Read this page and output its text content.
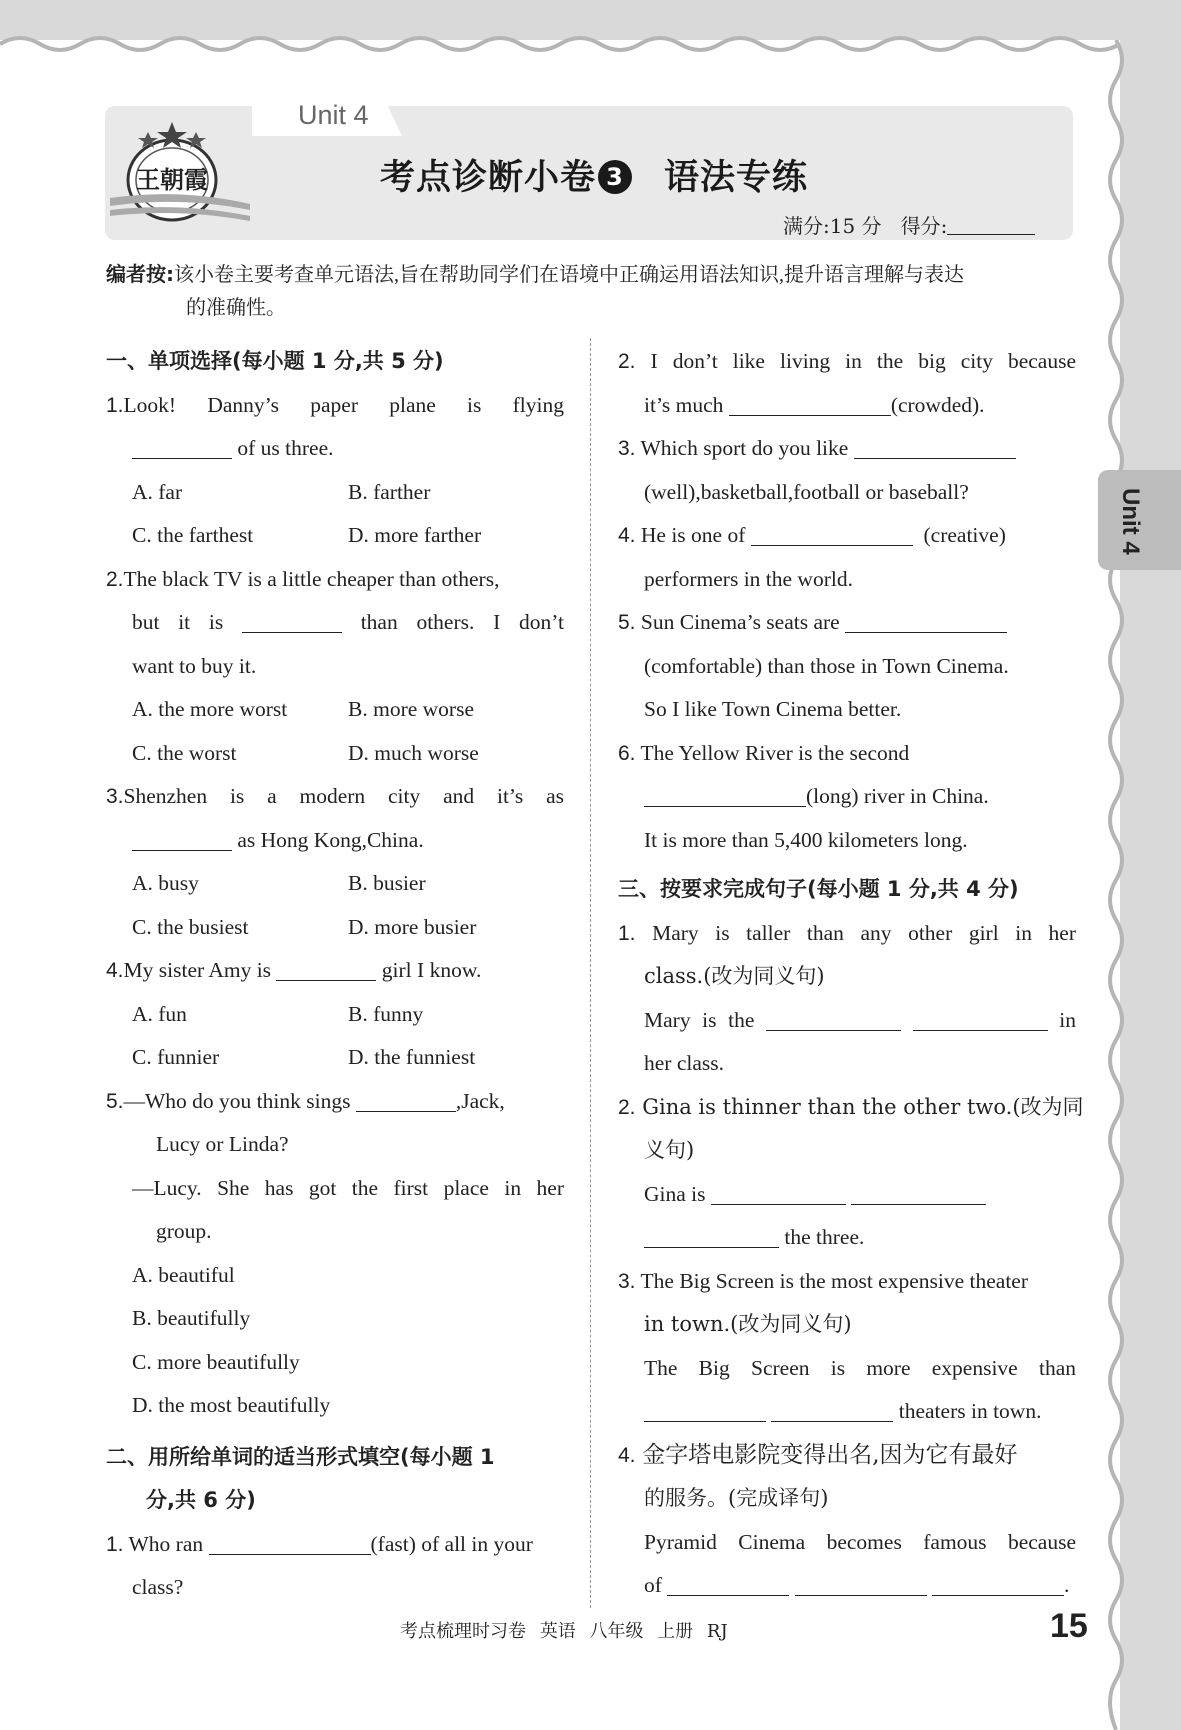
Unit 4
王朝霞	考点诊断小卷 3 语法专练
满分:15 分 得分:
编者按:该小卷主要考查单元语法,旨在帮助同学们在语境中正确运用语法知识,提升语言理解与表达
的准确性。
一、单项选择(每小题 1 分,共 5 分)
1.Look! Danny’s paper plane is flying
of us three.
A. far	B. farther
C. the farthest	D. more farther
2.The black TV is a little cheaper than others,
but it is	than others. I don’t
want to buy it.
A. the more worst	B. more worse
C. the worst	D. much worse
3.Shenzhen is a modern city and it’s as
as Hong Kong,China.
A. busy	B. busier
C. the busiest	D. more busier
4.My sister Amy is	girl I know.
A. fun	B. funny
C. funnier	D. the funniest
5.—Who do you think sings	,Jack,
Lucy or Linda?
—Lucy. She has got the first place in her
group.
A. beautiful
B. beautifully
C. more beautifully
D. the most beautifully
二、用所给单词的适当形式填空(每小题 1
分,共 6 分)
1. Who ran	(fast) of all in your
class?
2. I don’t like living in the big city because
it’s much	(crowded).
3. Which sport do you like
(well),basketball,football or baseball?
4. He is one of	(creative)
performers in the world.
5. Sun Cinema’s seats are
(comfortable) than those in Town Cinema.
So I like Town Cinema better.
6. The Yellow River is the second
(long) river in China.
It is more than 5,400 kilometers long.
三、按要求完成句子(每小题 1 分,共 4 分)
1. Mary is taller than any other girl in her
class.(改为同义句)
Mary is the	in
her class.
2. Gina is thinner than the other two.(改为同
义句)
Gina is
the three.
3. The Big Screen is the most expensive theater
in town.(改为同义句)
The Big Screen is more expensive than
theaters in town.
4. 金字塔电影院变得出名,因为它有最好
的服务。(完成译句)
Pyramid Cinema becomes famous because
of	.
Unit 4
考点梳理时习卷 英语 八年级 上册 RJ	15
